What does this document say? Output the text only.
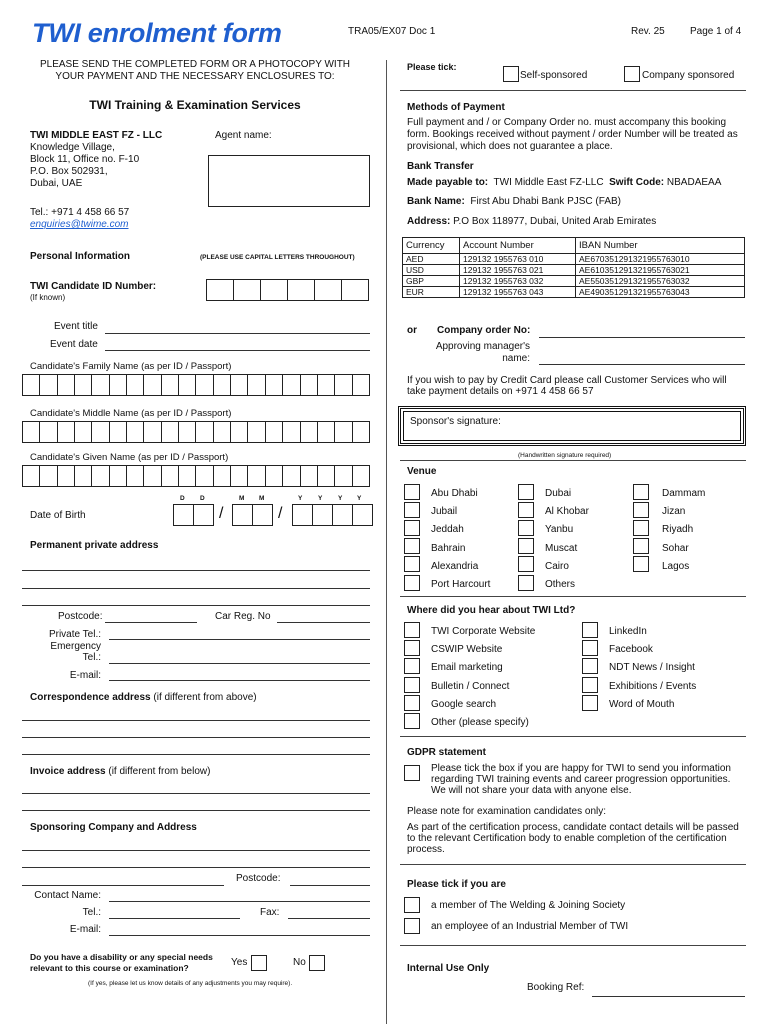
TWI enrolment form	TRA05/EX07 Doc 1	Rev. 25	Page 1 of 4
PLEASE SEND THE COMPLETED FORM OR A PHOTOCOPY WITH
YOUR PAYMENT AND THE NECESSARY ENCLOSURES TO:
TWI Training & Examination Services
TWI MIDDLE EAST FZ - LLC
Knowledge Village,
Block 11, Office no. F-10
P.O. Box 502931,
Dubai, UAE
Tel.: +971 4 458 66 57
enquiries@twime.com
Agent name:
Personal Information	(PLEASE USE CAPITAL LETTERS THROUGHOUT)
TWI Candidate ID Number:
(If known)
Event title
Event date
Candidate's Family Name (as per ID / Passport)
Candidate's Middle Name (as per ID / Passport)
Candidate's Given Name (as per ID / Passport)
D D	M M	Y Y Y Y
Date of Birth	/	/
Permanent private address
Postcode:	Car Reg. No
Private Tel.:
Emergency
Tel.:
E-mail:
Correspondence address (if different from above)
Invoice address (if different from below)
Sponsoring Company and Address
Postcode:
Contact Name:
Tel.:	Fax:
E-mail:
Do you have a disability or any special needs
relevant to this course or examination?	Yes	No
(If yes, please let us know details of any adjustments you may require).
Please tick:
Self-sponsored	Company sponsored
Methods of Payment
Full payment and / or Company Order no. must accompany this booking
form. Bookings received without payment / order Number will be treated as
provisional, which does not guarantee a place.
Bank Transfer
Made payable to: TWI Middle East FZ-LLC Swift Code: NBADAEAA
Bank Name: First Abu Dhabi Bank PJSC (FAB)
Address: P.O Box 118977, Dubai, United Arab Emirates
Currency	Account Number	IBAN Number
AED	129132 1955763 010	AE670351291321955763010
USD	129132 1955763 021	AE610351291321955763021
GBP	129132 1955763 032	AE550351291321955763032
EUR	129132 1955763 043	AE490351291321955763043
or Company order No:
Approving manager's
name:
If you wish to pay by Credit Card please call Customer Services who will
take payment details on +971 4 458 66 57
Sponsor's signature:
(Handwritten signature required)
Venue
Abu Dhabi	Dubai	Dammam
Jubail	Al Khobar	Jizan
Jeddah	Yanbu	Riyadh
Bahrain	Muscat	Sohar
Alexandria	Cairo	Lagos
Port Harcourt	Others
Where did you hear about TWI Ltd?
TWI Corporate Website
CSWIP Website
Email marketing
Bulletin / Connect
Google search
Other (please specify)
LinkedIn
Facebook
NDT News / Insight
Exhibitions / Events
Word of Mouth
GDPR statement
Please tick the box if you are happy for TWI to send you information
regarding TWI training events and career progression opportunities.
We will not share your data with anyone else.
Please note for examination candidates only:
As part of the certification process, candidate contact details will be passed
to the relevant Certification body to enable completion of the certification
process.
Please tick if you are
a member of The Welding & Joining Society
an employee of an Industrial Member of TWI
Internal Use Only
Booking Ref:
